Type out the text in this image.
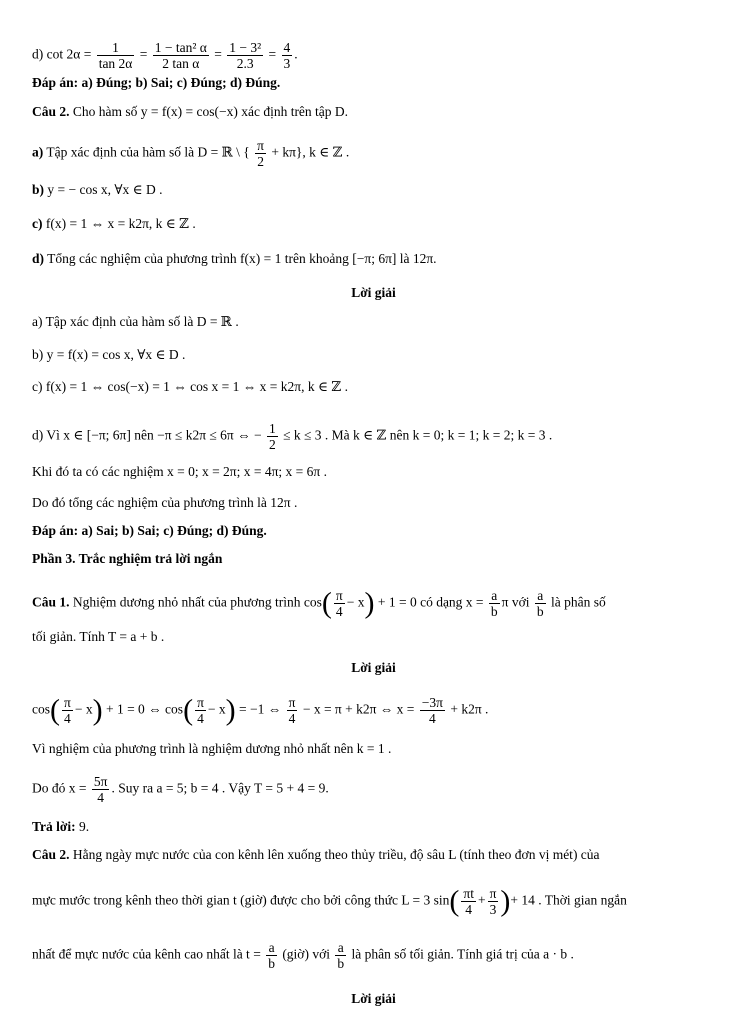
d) $\cot 2\alpha = \frac{1}{\tan 2\alpha} = \frac{\text{1 − tan² α}}{\text{2 tan α}} = \frac{\text{1 − 3²}}{2.3} = \frac{4}{3}$ .
Đáp án: a) Đúng; b) Sai; c) Đúng; d) Đúng.
Câu 2. Cho hàm số y = f(x) = cos(−x) xác định trên tập D.
a) Tập xác định của hàm số là D = ℝ \ { $\frac{\pi}{2} + k\pi$}, k ∈ ℤ .
b) y = − cos x, ∀x ∈ D .
c) f(x) = 1 ⇔ x = k2π, k ∈ ℤ .
d) Tổng các nghiệm của phương trình f(x) = 1 trên khoảng [−π; 6π] là 12π.
Lời giải
a) Tập xác định của hàm số là D = ℝ .
b) y = f(x) = cos x, ∀x ∈ D .
c) f(x) = 1 ⇔ cos(−x) = 1 ⇔ cos x = 1 ⇔ x = k2π, k ∈ ℤ .
d) Vì x ∈ [−π; 6π] nên −π ≤ k2π ≤ 6π ⇔ − $\frac{1}{2} \le k \le 3$ . Mà k ∈ ℤ nên k = 0; k = 1; k = 2; k = 3 .
Khi đó ta có các nghiệm x = 0; x = 2π; x = 4π; x = 6π .
Do đó tổng các nghiệm của phương trình là 12π .
Đáp án: a) Sai; b) Sai; c) Đúng; d) Đúng.
Phần 3. Trắc nghiệm trả lời ngắn
Câu 1. Nghiệm dương nhỏ nhất của phương trình $\cos( \frac{\pi}{4} - x) + 1 = 0$ có dạng $x = \frac{a}{b}$ π với $\frac{a}{b}$ là phân số
tối giản. Tính T = a + b .
Lời giải
$\cos( \frac{\pi}{4} - x) + 1 = 0$ ⇔ $\cos( \frac{\pi}{4} - x) = -1$ ⇔ $\frac{\pi}{4} - x = \pi + k2\pi$ ⇔ $x = \frac{-3\pi}{4} + k2\pi$ .
Vì nghiệm của phương trình là nghiệm dương nhỏ nhất nên k = 1 .
Do đó $x = \frac{5\pi}{4}$ . Suy ra a = 5; b = 4 . Vậy T = 5 + 4 = 9.
Trả lời: 9.
Câu 2. Hằng ngày mực nước của con kênh lên xuống theo thủy triều, độ sâu L (tính theo đơn vị mét) của
mực mước trong kênh theo thời gian t (giờ) được cho bởi công thức L = 3 $\sin( \frac{\pi t}{4} + \frac{\pi}{3}$ )+ 14 . Thời gian ngắn
nhất để mực nước của kênh cao nhất là $t = \frac{a}{b}$ (giờ) với $\frac{a}{b}$ là phân số tối giản. Tính giá trị của a · b .
Lời giải
